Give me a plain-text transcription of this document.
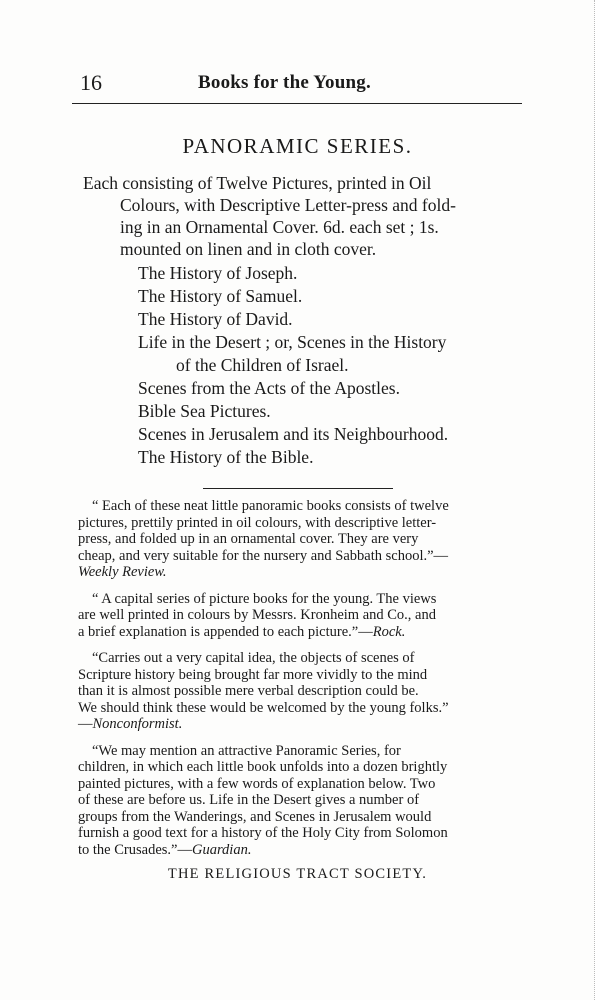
16	Books for the Young.
PANORAMIC SERIES.
Each consisting of Twelve Pictures, printed in Oil
Colours, with Descriptive Letter-press and fold-
ing in an Ornamental Cover. 6d. each set ; 1s.
mounted on linen and in cloth cover.
The History of Joseph.
The History of Samuel.
The History of David.
Life in the Desert ; or, Scenes in the History
of the Children of Israel.
Scenes from the Acts of the Apostles.
Bible Sea Pictures.
Scenes in Jerusalem and its Neighbourhood.
The History of the Bible.
“ Each of these neat little panoramic books consists of twelve
pictures, prettily printed in oil colours, with descriptive letter-
press, and folded up in an ornamental cover. They are very
cheap, and very suitable for the nursery and Sabbath school.”—
Weekly Review.
“ A capital series of picture books for the young. The views
are well printed in colours by Messrs. Kronheim and Co., and
a brief explanation is appended to each picture.”—Rock.
“Carries out a very capital idea, the objects of scenes of
Scripture history being brought far more vividly to the mind
than it is almost possible mere verbal description could be.
We should think these would be welcomed by the young folks.”
—Nonconformist.
“We may mention an attractive Panoramic Series, for
children, in which each little book unfolds into a dozen brightly
painted pictures, with a few words of explanation below. Two
of these are before us. Life in the Desert gives a number of
groups from the Wanderings, and Scenes in Jerusalem would
furnish a good text for a history of the Holy City from Solomon
to the Crusades.”—Guardian.
THE RELIGIOUS TRACT SOCIETY.
